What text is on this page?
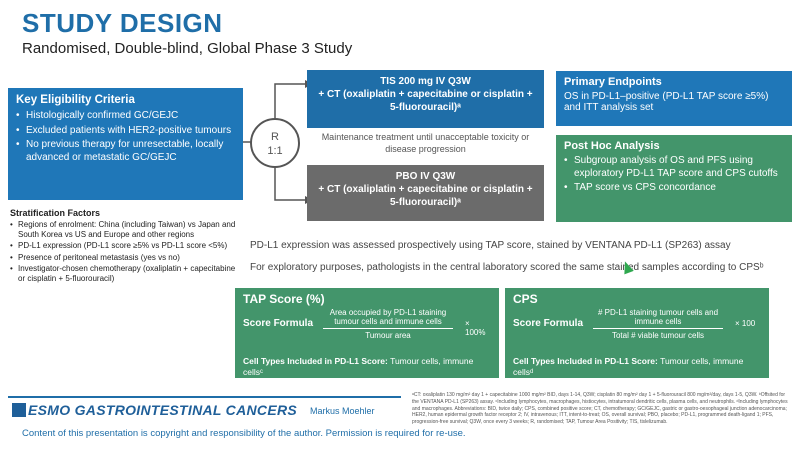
STUDY DESIGN
Randomised, Double-blind, Global Phase 3 Study
Key Eligibility Criteria
• Histologically confirmed GC/GEJC
• Excluded patients with HER2-positive tumours
• No previous therapy for unresectable, locally advanced or metastatic GC/GEJC
Stratification Factors
• Regions of enrolment: China (including Taiwan) vs Japan and South Korea vs US and Europe and other regions
• PD-L1 expression (PD-L1 score ≥5% vs PD-L1 score <5%)
• Presence of peritoneal metastasis (yes vs no)
• Investigator-chosen chemotherapy (oxaliplatin + capecitabine or cisplatin + 5-fluorouracil)
R
1:1
TIS 200 mg IV Q3W
+ CT (oxaliplatin + capecitabine or cisplatin + 5-fluorouracil)ᵃ
Maintenance treatment until unacceptable toxicity or disease progression
PBO IV Q3W
+ CT (oxaliplatin + capecitabine or cisplatin + 5-fluorouracil)ᵃ
Primary Endpoints
OS in PD-L1–positive (PD-L1 TAP score ≥5%) and ITT analysis set
Post Hoc Analysis
• Subgroup analysis of OS and PFS using exploratory PD-L1 TAP score and CPS cutoffs
• TAP score vs CPS concordance
PD-L1 expression was assessed prospectively using TAP score, stained by VENTANA PD-L1 (SP263) assay
For exploratory purposes, pathologists in the central laboratory scored the same stained samples according to CPSᵇ
TAP Score (%)
Score Formula
Area occupied by PD-L1 staining tumour cells and immune cells
Tumour area
× 100%
Cell Types Included in PD-L1 Score: Tumour cells, immune cellsᶜ
Scoring Method: Visual-based estimation on tumour area
CPS
Score Formula
# PD-L1 staining tumour cells and immune cells
Total # viable tumour cells
× 100
Cell Types Included in PD-L1 Score: Tumour cells, immune cellsᵈ
Scoring Method: Cell count (time consuming)
ESMO GASTROINTESTINAL CANCERS Markus Moehler
Content of this presentation is copyright and responsibility of the author. Permission is required for re-use.
ᵃCT: oxaliplatin 130 mg/m² day 1 + capecitabine 1000 mg/m² BID, days 1-14, Q3W; cisplatin 80 mg/m² day 1 + 5-fluorouracil 800 mg/m²/day, days 1-5, Q3W. ᵇOffsited for the VENTANA PD-L1 (SP263) assay. ᶜIncluding lymphocytes, macrophages, histiocytes, intratumoral dendritic cells, plasma cells, and neutrophils. ᵈIncluding lymphocytes and macrophages. Abbreviations: BID, twice daily; CPS, combined positive score; CT, chemotherapy; GC/GEJC, gastric or gastro-oesophageal junction adenocarcinoma; HER2, human epidermal growth factor receptor 2; IV, intravenous; ITT, intent-to-treat; OS, overall survival; PBO, placebo; PD-L1, programmed death-ligand 1; PFS, progression-free survival; Q3W, once every 3 weeks; R, randomised; TAP, Tumour Area Positivity; TIS, tislelizumab.
